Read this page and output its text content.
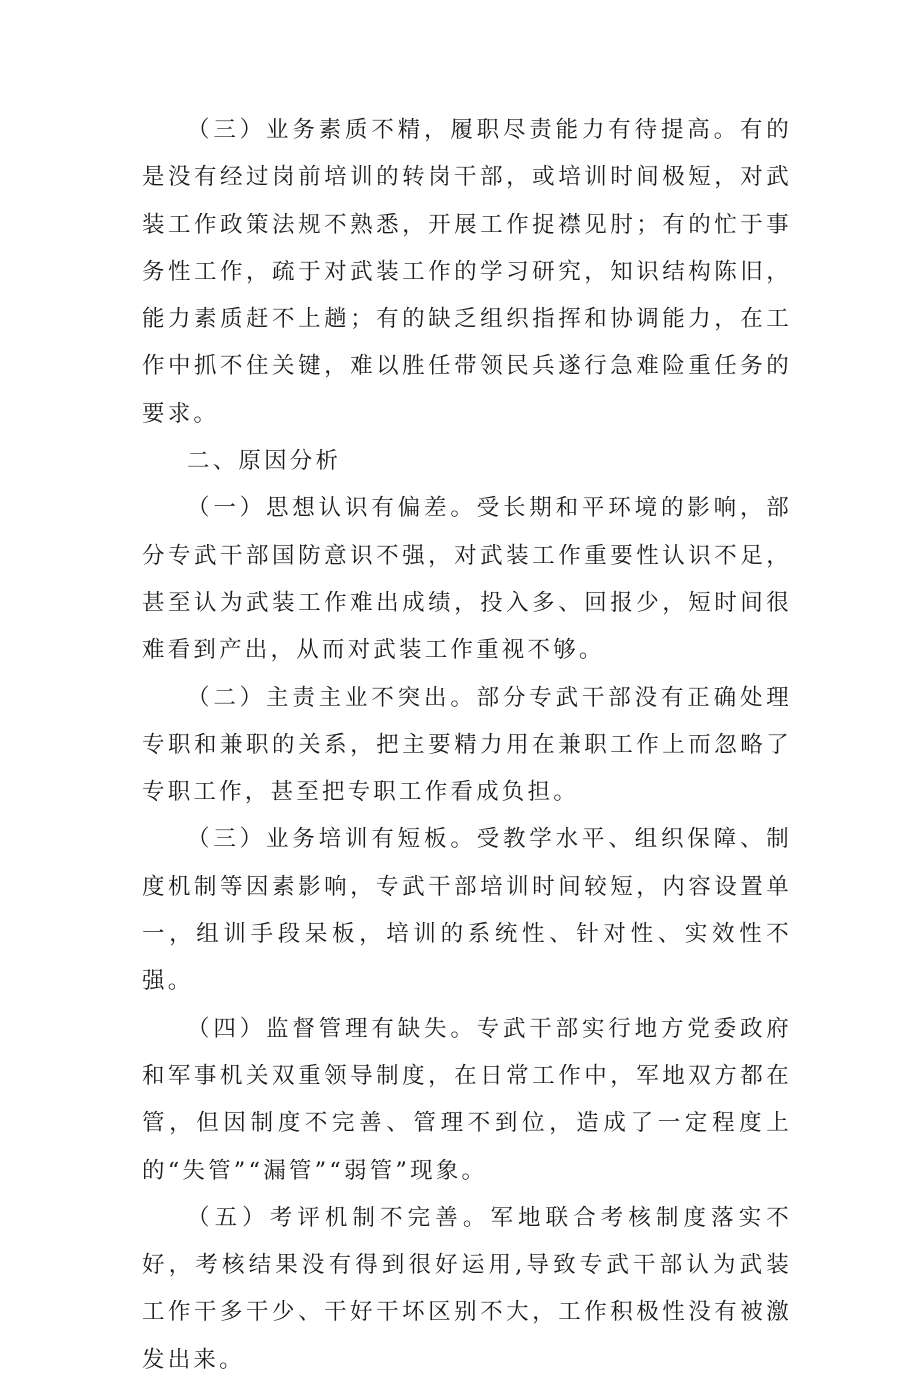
（三）业务素质不精，履职尽责能力有待提高。有的是没有经过岗前培训的转岗干部，或培训时间极短，对武装工作政策法规不熟悉，开展工作捉襟见肘；有的忙于事务性工作，疏于对武装工作的学习研究，知识结构陈旧，能力素质赶不上趟；有的缺乏组织指挥和协调能力，在工作中抓不住关键，难以胜任带领民兵遂行急难险重任务的要求。

二、原因分析

（一）思想认识有偏差。受长期和平环境的影响，部分专武干部国防意识不强，对武装工作重要性认识不足，甚至认为武装工作难出成绩，投入多、回报少，短时间很难看到产出，从而对武装工作重视不够。

（二）主责主业不突出。部分专武干部没有正确处理专职和兼职的关系，把主要精力用在兼职工作上而忽略了专职工作，甚至把专职工作看成负担。

（三）业务培训有短板。受教学水平、组织保障、制度机制等因素影响，专武干部培训时间较短，内容设置单一，组训手段呆板，培训的系统性、针对性、实效性不强。

（四）监督管理有缺失。专武干部实行地方党委政府和军事机关双重领导制度，在日常工作中，军地双方都在管，但因制度不完善、管理不到位，造成了一定程度上的“失管”“漏管”“弱管”现象。

（五）考评机制不完善。军地联合考核制度落实不好，考核结果没有得到很好运用,导致专武干部认为武装工作干多干少、干好干坏区别不大，工作积极性没有被激发出来。
